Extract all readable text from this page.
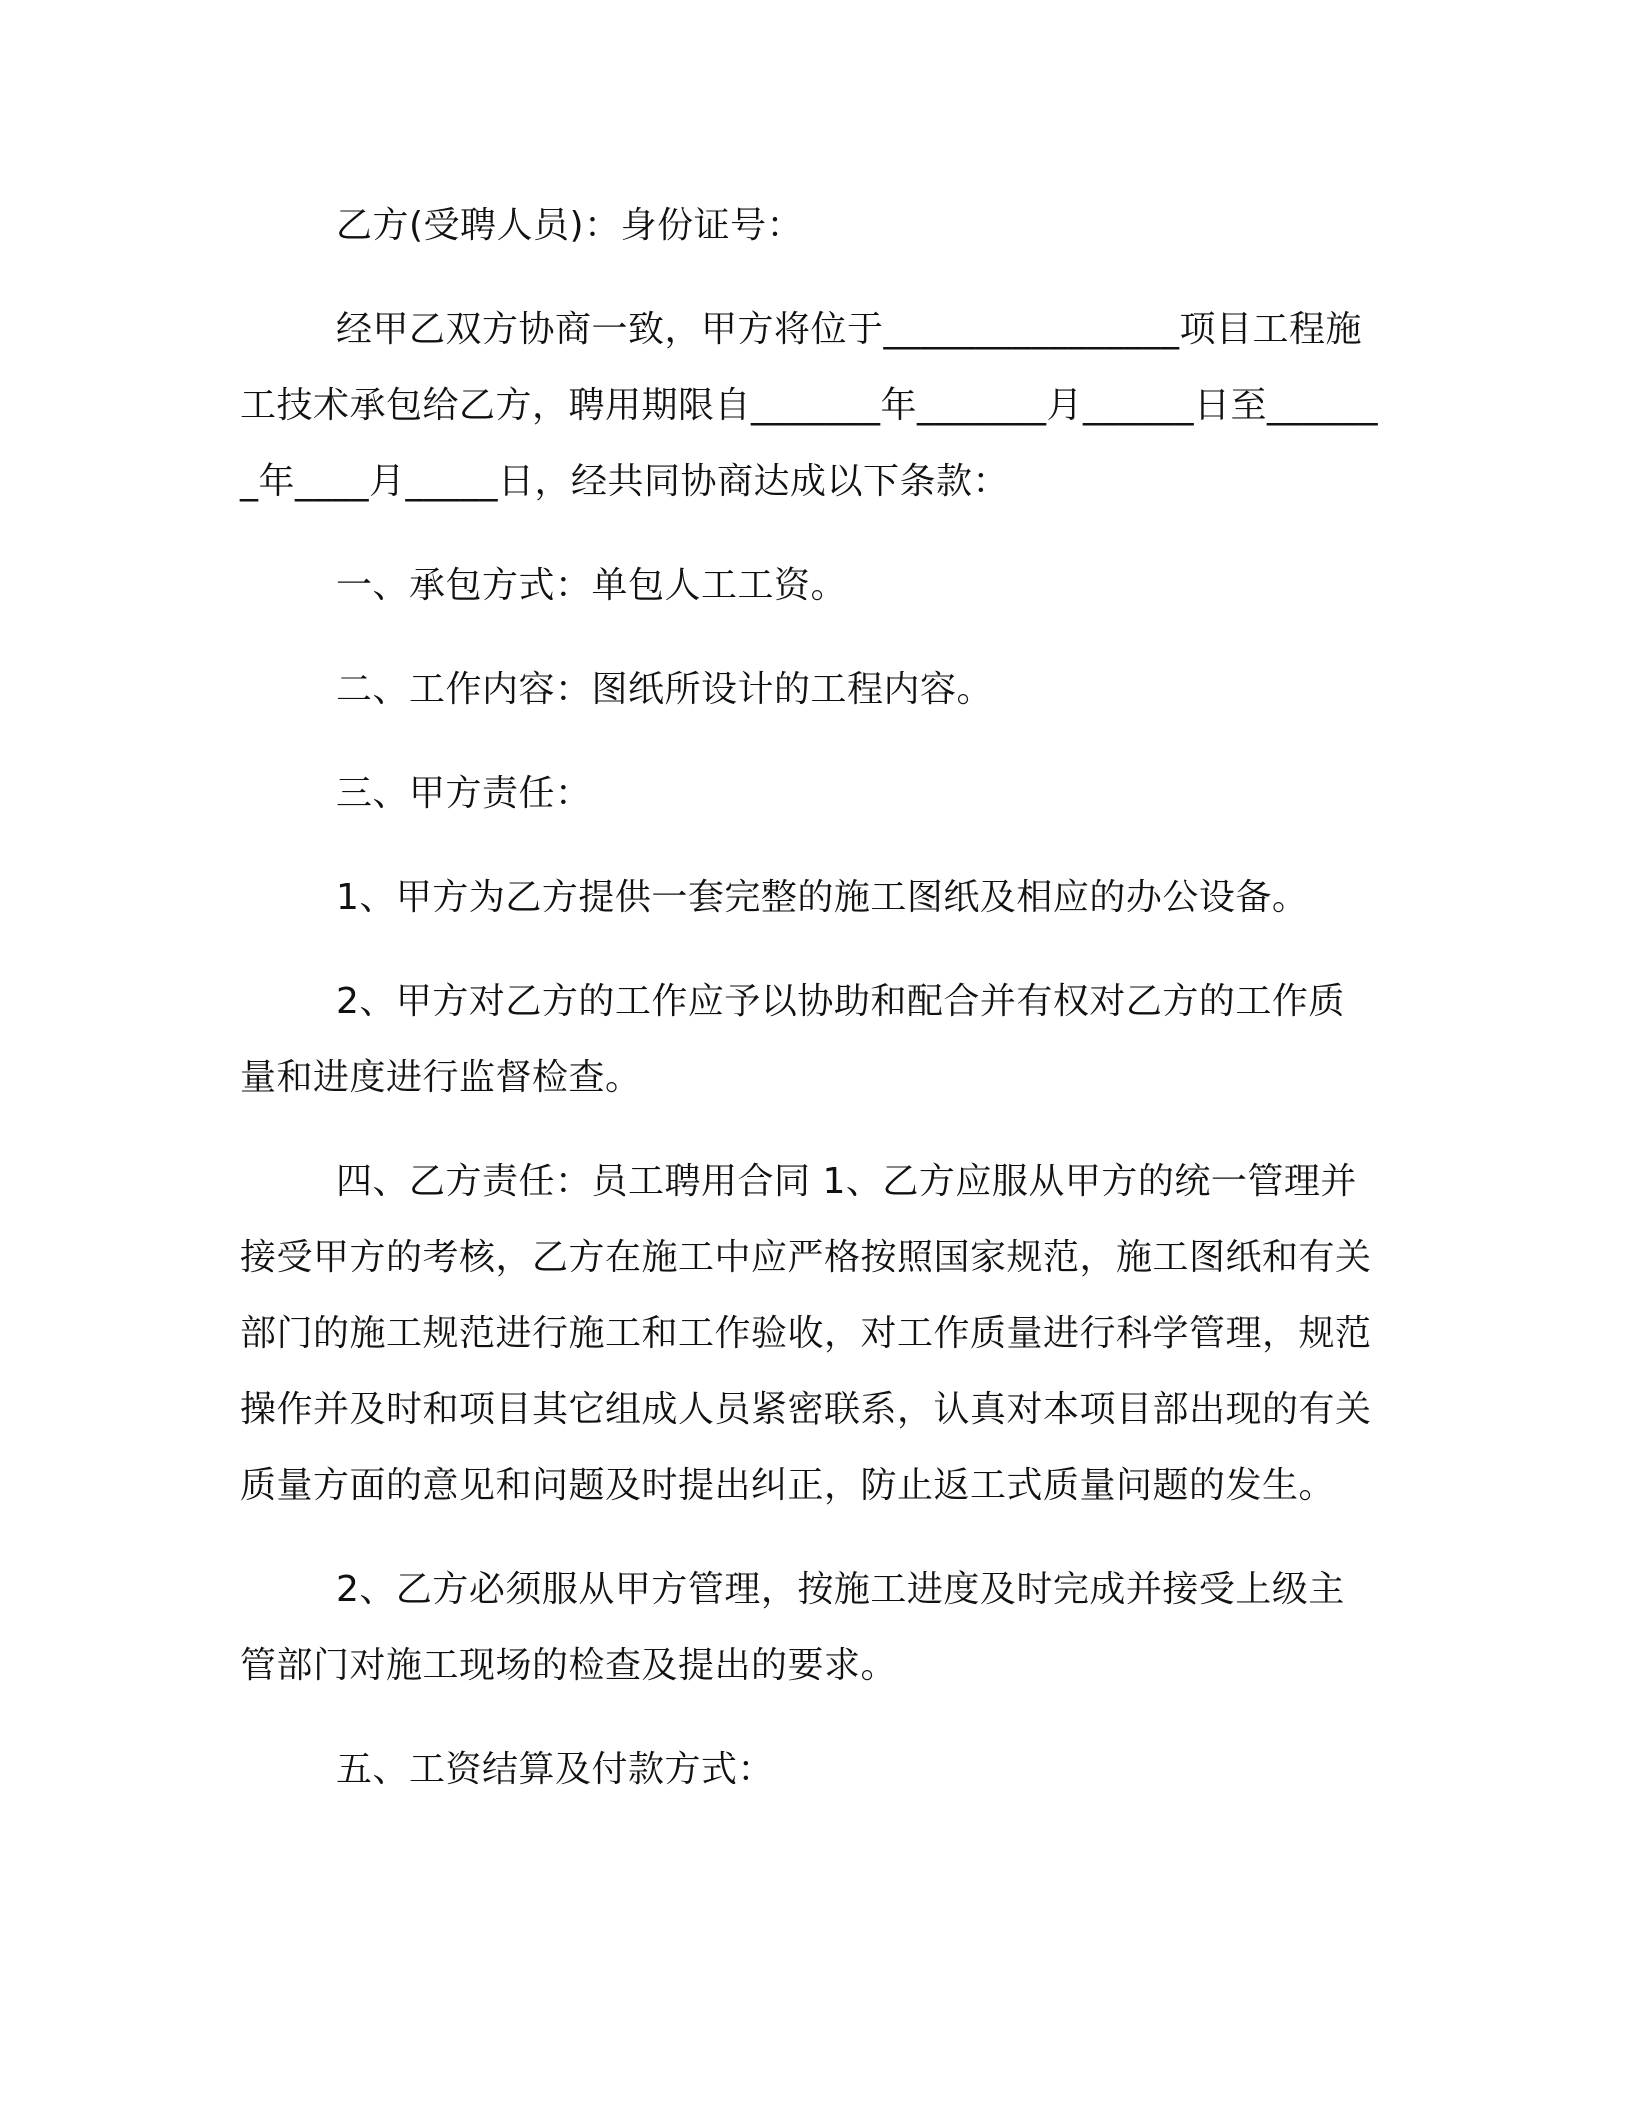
乙方(受聘人员)：身份证号：

经甲乙双方协商一致，甲方将位于________________项目工程施工技术承包给乙方，聘用期限自_______年_______月______日至_______年____月_____日，经共同协商达成以下条款：

一、承包方式：单包人工工资。

二、工作内容：图纸所设计的工程内容。

三、甲方责任：

1、甲方为乙方提供一套完整的施工图纸及相应的办公设备。

2、甲方对乙方的工作应予以协助和配合并有权对乙方的工作质量和进度进行监督检查。

四、乙方责任：员工聘用合同 1、乙方应服从甲方的统一管理并接受甲方的考核，乙方在施工中应严格按照国家规范，施工图纸和有关部门的施工规范进行施工和工作验收，对工作质量进行科学管理，规范操作并及时和项目其它组成人员紧密联系，认真对本项目部出现的有关质量方面的意见和问题及时提出纠正，防止返工式质量问题的发生。

2、乙方必须服从甲方管理，按施工进度及时完成并接受上级主管部门对施工现场的检查及提出的要求。

五、工资结算及付款方式：
